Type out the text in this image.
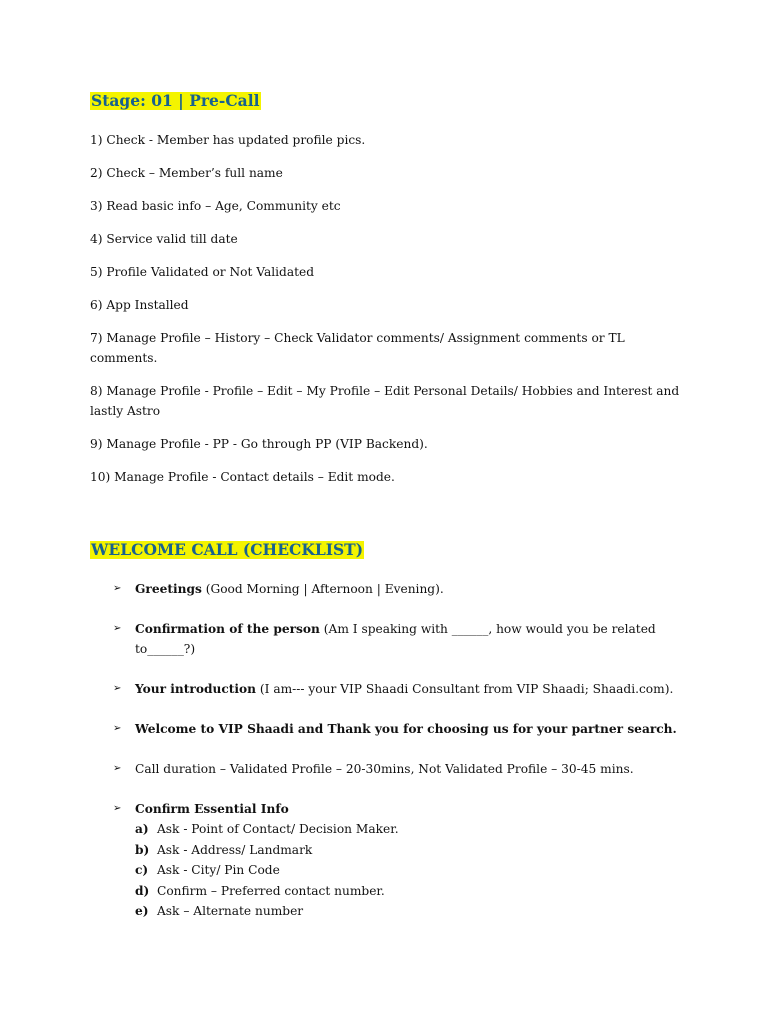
Stage: 01 | Pre-Call
1) Check - Member has updated profile pics.
2) Check – Member’s full name
3) Read basic info – Age, Community etc
4) Service valid till date
5) Profile Validated or Not Validated
6) App Installed
7) Manage Profile – History – Check Validator comments/ Assignment comments or TL comments.
8) Manage Profile - Profile – Edit – My Profile – Edit Personal Details/ Hobbies and Interest and lastly Astro
9) Manage Profile - PP - Go through PP (VIP Backend).
10) Manage Profile - Contact details – Edit mode.
WELCOME CALL (CHECKLIST)
➢ Greetings (Good Morning | Afternoon | Evening).
➢ Confirmation of the person (Am I speaking with ______, how would you be related to______?)
➢ Your introduction (I am--- your VIP Shaadi Consultant from VIP Shaadi; Shaadi.com).
➢ Welcome to VIP Shaadi and Thank you for choosing us for your partner search.
➢ Call duration – Validated Profile – 20-30mins, Not Validated Profile – 30-45 mins.
➢ Confirm Essential Info
a) Ask - Point of Contact/ Decision Maker.
b) Ask - Address/ Landmark
c) Ask - City/ Pin Code
d) Confirm – Preferred contact number.
e) Ask – Alternate number
